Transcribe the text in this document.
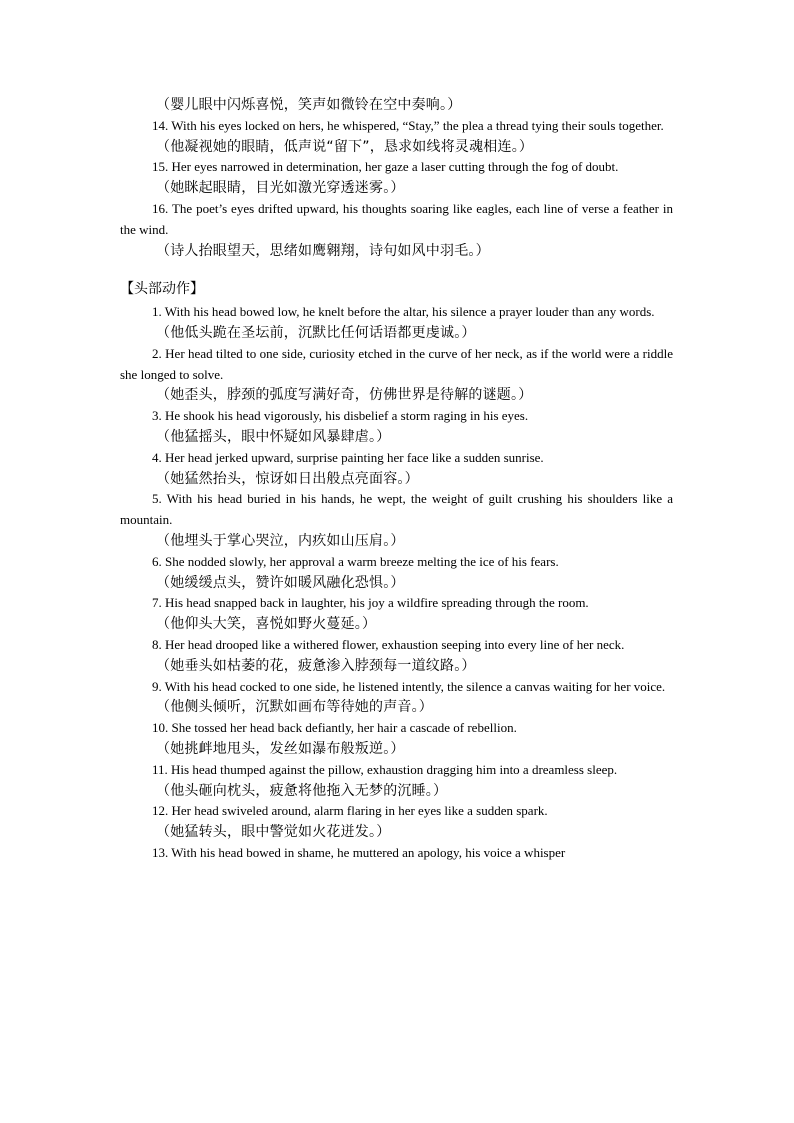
（婴儿眼中闪烁喜悦，笑声如微铃在空中奏响。）

14. With his eyes locked on hers, he whispered, “Stay,” the plea a thread tying their souls together.

（他凝视她的眼睛，低声说“留下”，恳求如线将灵魂相连。）

15. Her eyes narrowed in determination, her gaze a laser cutting through the fog of doubt.

（她眯起眼睛，目光如激光穿透迷雾。）

16. The poet’s eyes drifted upward, his thoughts soaring like eagles, each line of verse a feather in the wind.

（诗人抬眼望天，思绪如鹰翱翔，诗句如风中羽毛。）

【头部动作】

1. With his head bowed low, he knelt before the altar, his silence a prayer louder than any words.

（他低头跪在圣坛前，沉默比任何话语都更虔诚。）

2. Her head tilted to one side, curiosity etched in the curve of her neck, as if the world were a riddle she longed to solve.

（她歪头，脖颈的弧度写满好奇，仿佛世界是待解的谜题。）

3. He shook his head vigorously, his disbelief a storm raging in his eyes.

（他猛摇头，眼中怀疑如风暴肆虐。）

4. Her head jerked upward, surprise painting her face like a sudden sunrise.

（她猛然抬头，惊讶如日出般点亮面容。）

5. With his head buried in his hands, he wept, the weight of guilt crushing his shoulders like a mountain.

（他埋头于掌心哭泣，内疚如山压肩。）

6. She nodded slowly, her approval a warm breeze melting the ice of his fears.

（她缓缓点头，赞许如暖风融化恐惧。）

7. His head snapped back in laughter, his joy a wildfire spreading through the room.

（他仰头大笑，喜悦如野火蔓延。）

8. Her head drooped like a withered flower, exhaustion seeping into every line of her neck.

（她垂头如枯萎的花，疲惫渗入脖颈每一道纹路。）

9. With his head cocked to one side, he listened intently, the silence a canvas waiting for her voice.

（他侧头倾听，沉默如画布等待她的声音。）

10. She tossed her head back defiantly, her hair a cascade of rebellion.

（她挑衅地甩头，发丝如瀑布般叛逆。）

11. His head thumped against the pillow, exhaustion dragging him into a dreamless sleep.

（他头砸向枕头，疲惫将他拖入无梦的沉睡。）

12. Her head swiveled around, alarm flaring in her eyes like a sudden spark.

（她猛转头，眼中警觉如火花迸发。）

13. With his head bowed in shame, he muttered an apology, his voice a whisper
